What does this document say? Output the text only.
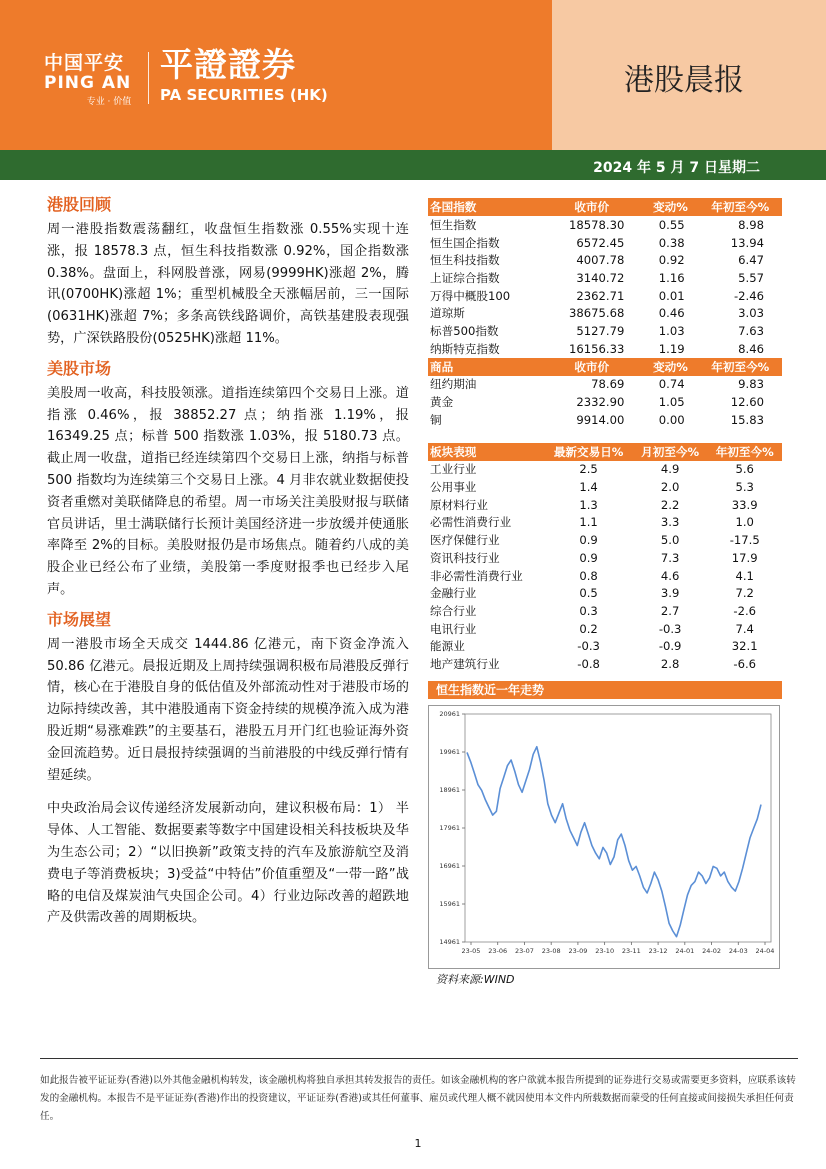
中国平安
PING AN
专业 · 价值
平證證券
PA SECURITIES (HK)	港股晨报
2024 年 5 月 7 日星期二
港股回顾

周一港股指数震荡翻红，收盘恒生指数涨 0.55%实现十连涨，报 18578.3 点，恒生科技指数涨 0.92%，国企指数涨 0.38%。盘面上，科网股普涨，网易(9999HK)涨超 2%，腾讯(0700HK)涨超 1%；重型机械股全天涨幅居前，三一国际(0631HK)涨超 7%；多条高铁线路调价，高铁基建股表现强势，广深铁路股份(0525HK)涨超 11%。

美股市场

美股周一收高，科技股领涨。道指连续第四个交易日上涨。道指涨 0.46%，报 38852.27 点；纳指涨 1.19%，报 16349.25 点；标普 500 指数涨 1.03%，报 5180.73 点。截止周一收盘，道指已经连续第四个交易日上涨，纳指与标普 500 指数均为连续第三个交易日上涨。4 月非农就业数据使投资者重燃对美联储降息的希望。周一市场关注美股财报与联储官员讲话，里士满联储行长预计美国经济进一步放缓并使通胀率降至 2%的目标。美股财报仍是市场焦点。随着约八成的美股企业已经公布了业绩，美股第一季度财报季也已经步入尾声。

市场展望

周一港股市场全天成交 1444.86 亿港元，南下资金净流入 50.86 亿港元。晨报近期及上周持续强调积极布局港股反弹行情，核心在于港股自身的低估值及外部流动性对于港股市场的边际持续改善，其中港股通南下资金持续的规模净流入成为港股近期“易涨难跌”的主要基石，港股五月开门红也验证海外资金回流趋势。近日晨报持续强调的当前港股的中线反弹行情有望延续。

中央政治局会议传递经济发展新动向，建议积极布局：1） 半导体、人工智能、数据要素等数字中国建设相关科技板块及华为生态公司；2）“以旧换新”政策支持的汽车及旅游航空及消费电子等消费板块；3)受益“中特估”价值重塑及“一带一路”战略的电信及煤炭油气央国企公司。4）行业边际改善的超跌地产及供需改善的周期板块。

各国指数	收市价	变动%	年初至今%
恒生指数	18578.30	0.55	8.98
恒生国企指数	6572.45	0.38	13.94
恒生科技指数	4007.78	0.92	6.47
上证综合指数	3140.72	1.16	5.57
万得中概股100	2362.71	0.01	-2.46
道琼斯	38675.68	0.46	3.03
标普500指数	5127.79	1.03	7.63
纳斯特克指数	16156.33	1.19	8.46
商品	收市价	变动%	年初至今%
纽约期油	78.69	0.74	9.83
黄金	2332.90	1.05	12.60
铜	9914.00	0.00	15.83
板块表现	最新交易日%	月初至今%	年初至今%
工业行业	2.5	4.9	5.6
公用事业	1.4	2.0	5.3
原材料行业	1.3	2.2	33.9
必需性消费行业	1.1	3.3	1.0
医疗保健行业	0.9	5.0	-17.5
资讯科技行业	0.9	7.3	17.9
非必需性消费行业	0.8	4.6	4.1
金融行业	0.5	3.9	7.2
综合行业	0.3	2.7	-2.6
电讯行业	0.2	-0.3	7.4
能源业	-0.3	-0.9	32.1
地产建筑行业	-0.8	2.8	-6.6
恒生指数近一年走势
20961
19961
18961
17961
16961
15961
14961
23-05 23-06 23-07 23-08 23-09 23-10 23-11 23-12 24-01 24-02 24-03 24-04
资料来源:WIND
如此报告被平证证券(香港)以外其他金融机构转发，该金融机构将独自承担其转发报告的责任。如该金融机构的客户欲就本报告所提到的证券进行交易或需要更多资料，应联系该转发的金融机构。本报告不是平证证券(香港)作出的投资建议，平证证券(香港)或其任何董事、雇员或代理人概不就因使用本文件内所载数据而蒙受的任何直接或间接损失承担任何责任。
1
